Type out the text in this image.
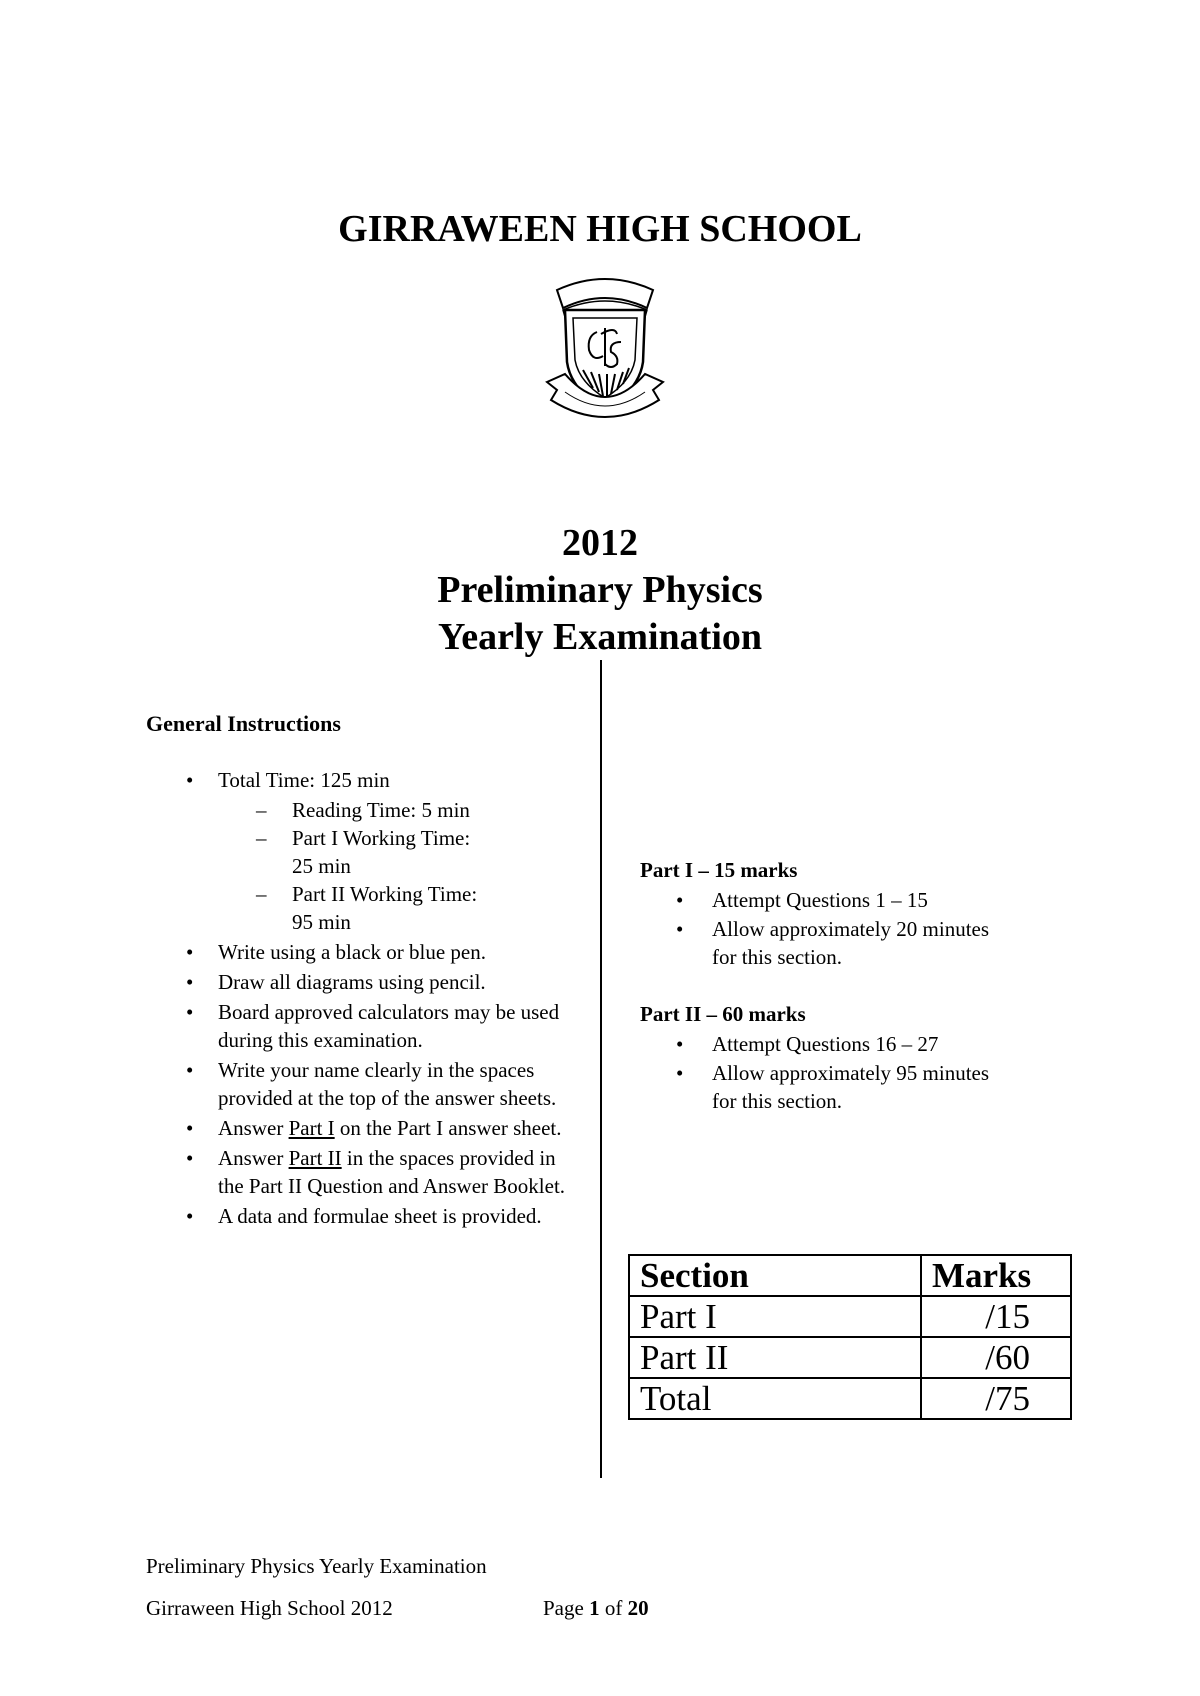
GIRRAWEEN HIGH SCHOOL
2012
Preliminary Physics
Yearly Examination
General Instructions
• Total Time: 125 min
– Reading Time: 5 min
– Part I Working Time:
25 min
– Part II Working Time:
95 min
• Write using a black or blue pen.
• Draw all diagrams using pencil.
• Board approved calculators may be used during this examination.
• Write your name clearly in the spaces provided at the top of the answer sheets.
• Answer Part I on the Part I answer sheet.
• Answer Part II in the spaces provided in the Part II Question and Answer Booklet.
• A data and formulae sheet is provided.
Part I – 15 marks
• Attempt Questions 1 – 15
• Allow approximately 20 minutes for this section.
Part II – 60 marks
• Attempt Questions 16 – 27
• Allow approximately 95 minutes for this section.
Section	Marks
Part I	/15
Part II	/60
Total	/75
Preliminary Physics Yearly Examination
Girraween High School 2012	Page 1 of 20
